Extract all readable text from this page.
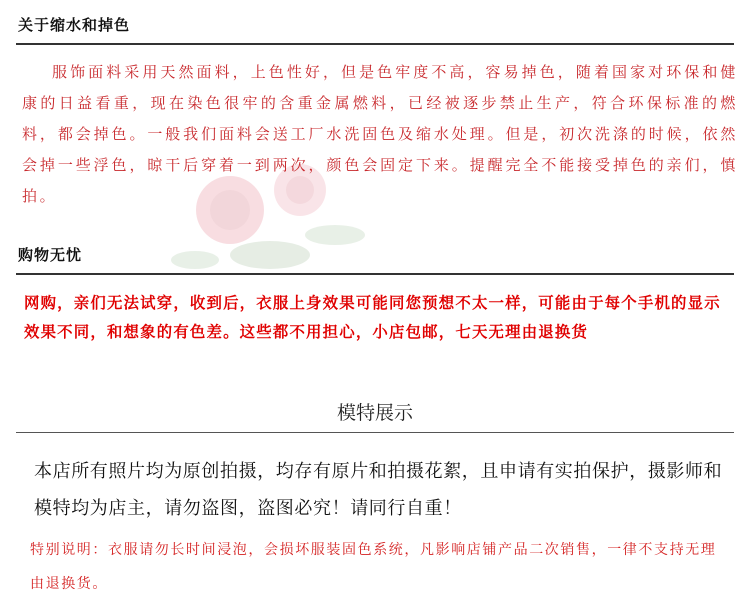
关于缩水和掉色
服饰面料采用天然面料，上色性好，但是色牢度不高，容易掉色，随着国家对环保和健康的日益看重，现在染色很牢的含重金属燃料，已经被逐步禁止生产，符合环保标准的燃料，都会掉色。一般我们面料会送工厂水洗固色及缩水处理。但是，初次洗涤的时候，依然会掉一些浮色，晾干后穿着一到两次，颜色会固定下来。提醒完全不能接受掉色的亲们，慎拍。
购物无忧
网购，亲们无法试穿，收到后，衣服上身效果可能同您预想不太一样，可能由于每个手机的显示效果不同，和想象的有色差。这些都不用担心，小店包邮，七天无理由退换货
模特展示
本店所有照片均为原创拍摄，均存有原片和拍摄花絮，且申请有实拍保护，摄影师和模特均为店主，请勿盗图，盗图必究！请同行自重！
特别说明：衣服请勿长时间浸泡，会损坏服装固色系统，凡影响店铺产品二次销售，一律不支持无理由退换货。
